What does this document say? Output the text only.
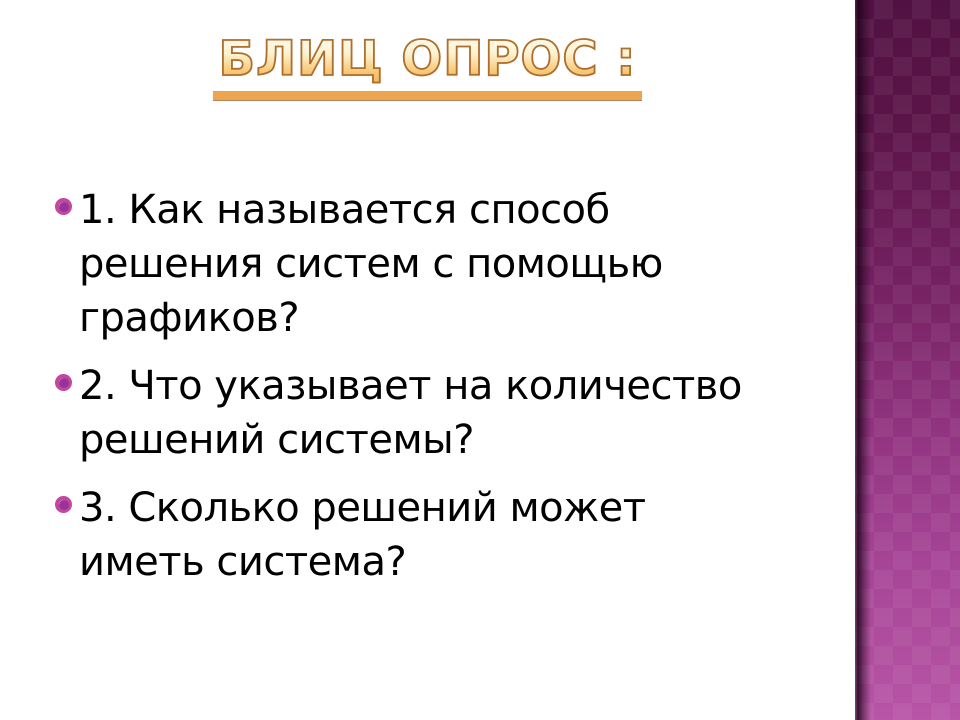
БЛИЦ ОПРОС :
1. Как называется способ
решения систем с помощью
графиков?
2. Что указывает на количество
решений системы?
3. Сколько решений может
иметь система?
